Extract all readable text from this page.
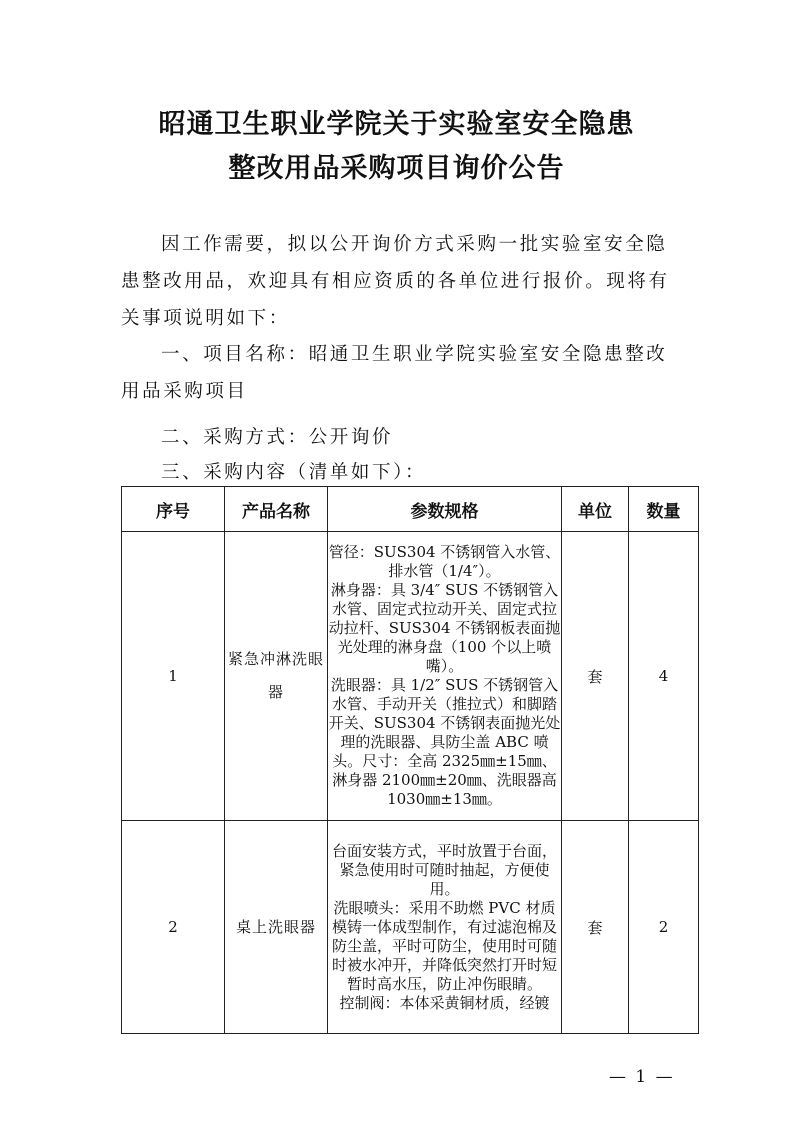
昭通卫生职业学院关于实验室安全隐患
整改用品采购项目询价公告

因工作需要，拟以公开询价方式采购一批实验室安全隐患整改用品，欢迎具有相应资质的各单位进行报价。现将有关事项说明如下：

一、项目名称：昭通卫生职业学院实验室安全隐患整改用品采购项目

二、采购方式：公开询价

三、采购内容（清单如下）：

序号	产品名称	参数规格	单位	数量
1	紧急冲淋洗眼器	管径：SUS304 不锈钢管入水管、排水管（1/4″）。

淋身器：具 3/4″ SUS 不锈钢管入水管、固定式拉动开关、固定式拉动拉杆、SUS304 不锈钢板表面抛光处理的淋身盘（100 个以上喷嘴）。

洗眼器：具 1/2″ SUS 不锈钢管入水管、手动开关（推拉式）和脚踏开关、SUS304 不锈钢表面抛光处理的洗眼器、具防尘盖 ABC 喷头。尺寸：全高 2325㎜±15㎜、淋身器 2100㎜±20㎜、洗眼器高 1030㎜±13㎜。	套	4
2	桌上洗眼器	台面安装方式，平时放置于台面，紧急使用时可随时抽起，方便使用。

洗眼喷头：采用不助燃 PVC 材质模铸一体成型制作，有过滤泡棉及防尘盖，平时可防尘，使用时可随时被水冲开，并降低突然打开时短暂时高水压，防止冲伤眼睛。

控制阀：本体采黄铜材质，经镀	套	2

— 1 —
